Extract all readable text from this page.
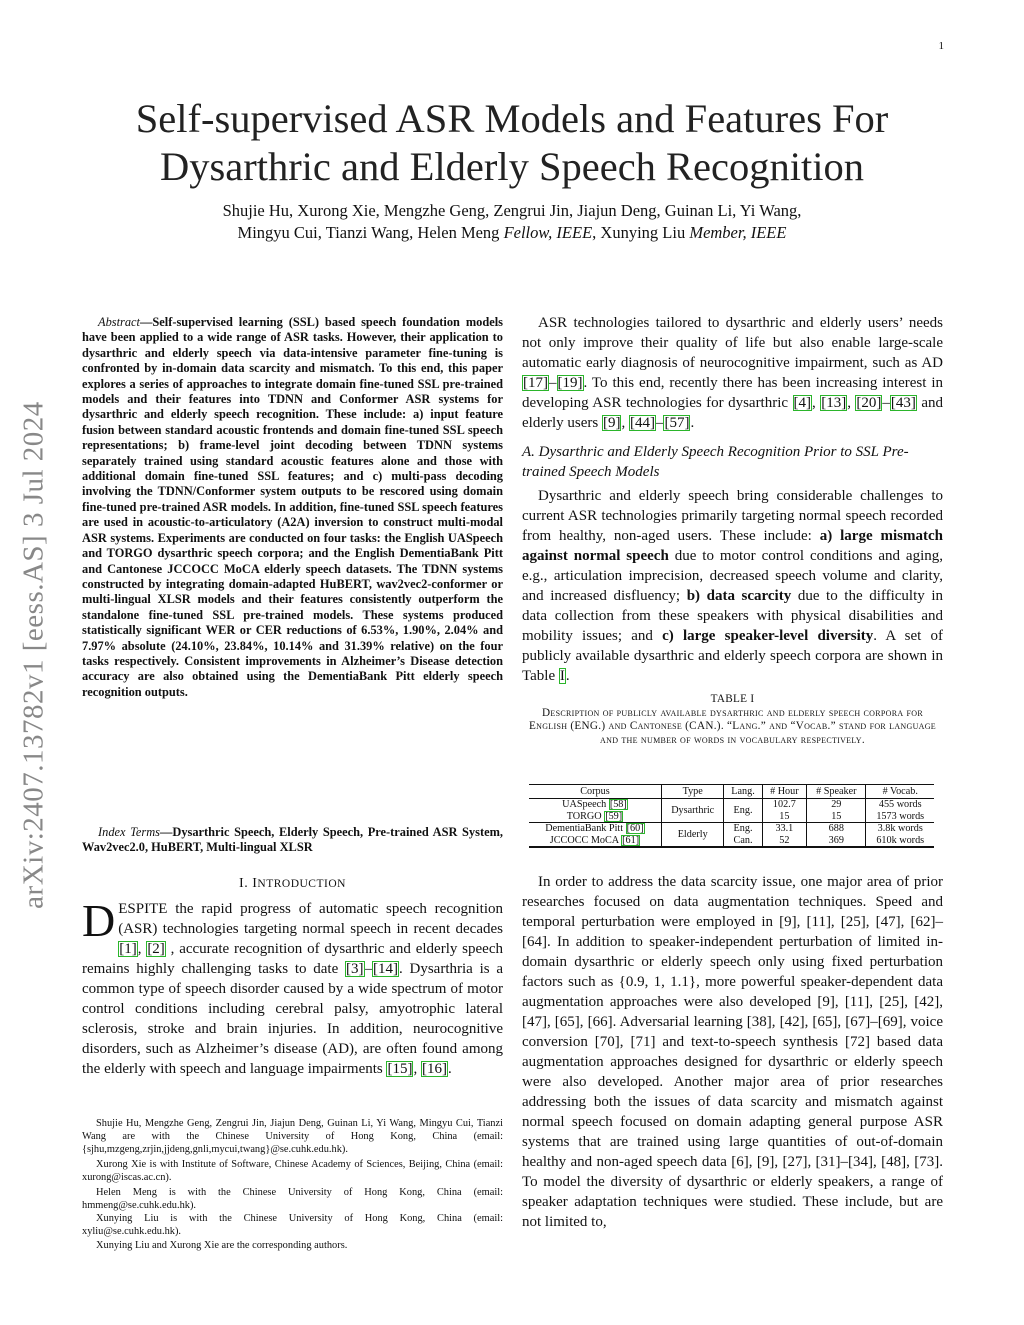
1
arXiv:2407.13782v1 [eess.AS] 3 Jul 2024
Self-supervised ASR Models and Features For
Dysarthric and Elderly Speech Recognition
Shujie Hu, Xurong Xie, Mengzhe Geng, Zengrui Jin, Jiajun Deng, Guinan Li, Yi Wang,
Mingyu Cui, Tianzi Wang, Helen Meng Fellow, IEEE, Xunying Liu Member, IEEE
Abstract—Self-supervised learning (SSL) based speech foundation models have been applied to a wide range of ASR tasks. However, their application to dysarthric and elderly speech via data-intensive parameter fine-tuning is confronted by in-domain data scarcity and mismatch. To this end, this paper explores a series of approaches to integrate domain fine-tuned SSL pre-trained models and their features into TDNN and Conformer ASR systems for dysarthric and elderly speech recognition. These include: a) input feature fusion between standard acoustic frontends and domain fine-tuned SSL speech representations; b) frame-level joint decoding between TDNN systems separately trained using standard acoustic features alone and those with additional domain fine-tuned SSL features; and c) multi-pass decoding involving the TDNN/Conformer system outputs to be rescored using domain fine-tuned pre-trained ASR models. In addition, fine-tuned SSL speech features are used in acoustic-to-articulatory (A2A) inversion to construct multi-modal ASR systems. Experiments are conducted on four tasks: the English UASpeech and TORGO dysarthric speech corpora; and the English DementiaBank Pitt and Cantonese JCCOCC MoCA elderly speech datasets. The TDNN systems constructed by integrating domain-adapted HuBERT, wav2vec2-conformer or multi-lingual XLSR models and their features consistently outperform the standalone fine-tuned SSL pre-trained models. These systems produced statistically significant WER or CER reductions of 6.53%, 1.90%, 2.04% and 7.97% absolute (24.10%, 23.84%, 10.14% and 31.39% relative) on the four tasks respectively. Consistent improvements in Alzheimer’s Disease detection accuracy are also obtained using the DementiaBank Pitt elderly speech recognition outputs.
Index Terms—Dysarthric Speech, Elderly Speech, Pre-trained ASR System, Wav2vec2.0, HuBERT, Multi-lingual XLSR
I. INTRODUCTION
DESPITE the rapid progress of automatic speech recognition (ASR) technologies targeting normal speech in recent decades [1], [2] , accurate recognition of dysarthric and elderly speech remains highly challenging tasks to date [3]–[14]. Dysarthria is a common type of speech disorder caused by a wide spectrum of motor control conditions including cerebral palsy, amyotrophic lateral sclerosis, stroke and brain injuries. In addition, neurocognitive disorders, such as Alzheimer’s disease (AD), are often found among the elderly with speech and language impairments [15], [16].
Shujie Hu, Mengzhe Geng, Zengrui Jin, Jiajun Deng, Guinan Li, Yi Wang, Mingyu Cui, Tianzi Wang are with the Chinese University of Hong Kong, China (email: {sjhu,mzgeng,zrjin,jjdeng,gnli,mycui,twang}@se.cuhk.edu.hk).
Xurong Xie is with Institute of Software, Chinese Academy of Sciences, Beijing, China (email: xurong@iscas.ac.cn).
Helen Meng is with the Chinese University of Hong Kong, China (email: hmmeng@se.cuhk.edu.hk).
Xunying Liu is with the Chinese University of Hong Kong, China (email: xyliu@se.cuhk.edu.hk).
Xunying Liu and Xurong Xie are the corresponding authors.

ASR technologies tailored to dysarthric and elderly users’ needs not only improve their quality of life but also enable large-scale automatic early diagnosis of neurocognitive impairment, such as AD [17]–[19]. To this end, recently there has been increasing interest in developing ASR technologies for dysarthric [4], [13], [20]–[43] and elderly users [9], [44]–[57].

A. Dysarthric and Elderly Speech Recognition Prior to SSL Pre-trained Speech Models

Dysarthric and elderly speech bring considerable challenges to current ASR technologies primarily targeting normal speech recorded from healthy, non-aged users. These include: a) large mismatch against normal speech due to motor control conditions and aging, e.g., articulation imprecision, decreased speech volume and clarity, and increased disfluency; b) data scarcity due to the difficulty in data collection from these speakers with physical disabilities and mobility issues; and c) large speaker-level diversity. A set of publicly available dysarthric and elderly speech corpora are shown in Table I.

TABLE I
Description of publicly available dysarthric and elderly speech corpora for English (ENG.) and Cantonese (CAN.). “Lang.” and “Vocab.” stand for language and the number of words in vocabulary respectively.
Corpus	Type	Lang.	# Hour	# Speaker	# Vocab.
UASpeech [58]	Dysarthric	Eng.	102.7	29	455 words
TORGO [59]			15	15	1573 words
DementiaBank Pitt [60]	Elderly	Eng.	33.1	688	3.8k words
JCCOCC MoCA [61]		Can.	52	369	610k words

In order to address the data scarcity issue, one major area of prior researches focused on data augmentation techniques. Speed and temporal perturbation were employed in [9], [11], [25], [47], [62]–[64]. In addition to speaker-independent perturbation of limited in-domain dysarthric or elderly speech only using fixed perturbation factors such as {0.9, 1, 1.1}, more powerful speaker-dependent data augmentation approaches were also developed [9], [11], [25], [42], [47], [65], [66]. Adversarial learning [38], [42], [65], [67]–[69], voice conversion [70], [71] and text-to-speech synthesis [72] based data augmentation approaches designed for dysarthric or elderly speech were also developed. Another major area of prior researches addressing both the issues of data scarcity and mismatch against normal speech focused on domain adapting general purpose ASR systems that are trained using large quantities of out-of-domain healthy and non-aged speech data [6], [9], [27], [31]–[34], [48], [73]. To model the diversity of dysarthric or elderly speakers, a range of speaker adaptation techniques were studied. These include, but are not limited to,
